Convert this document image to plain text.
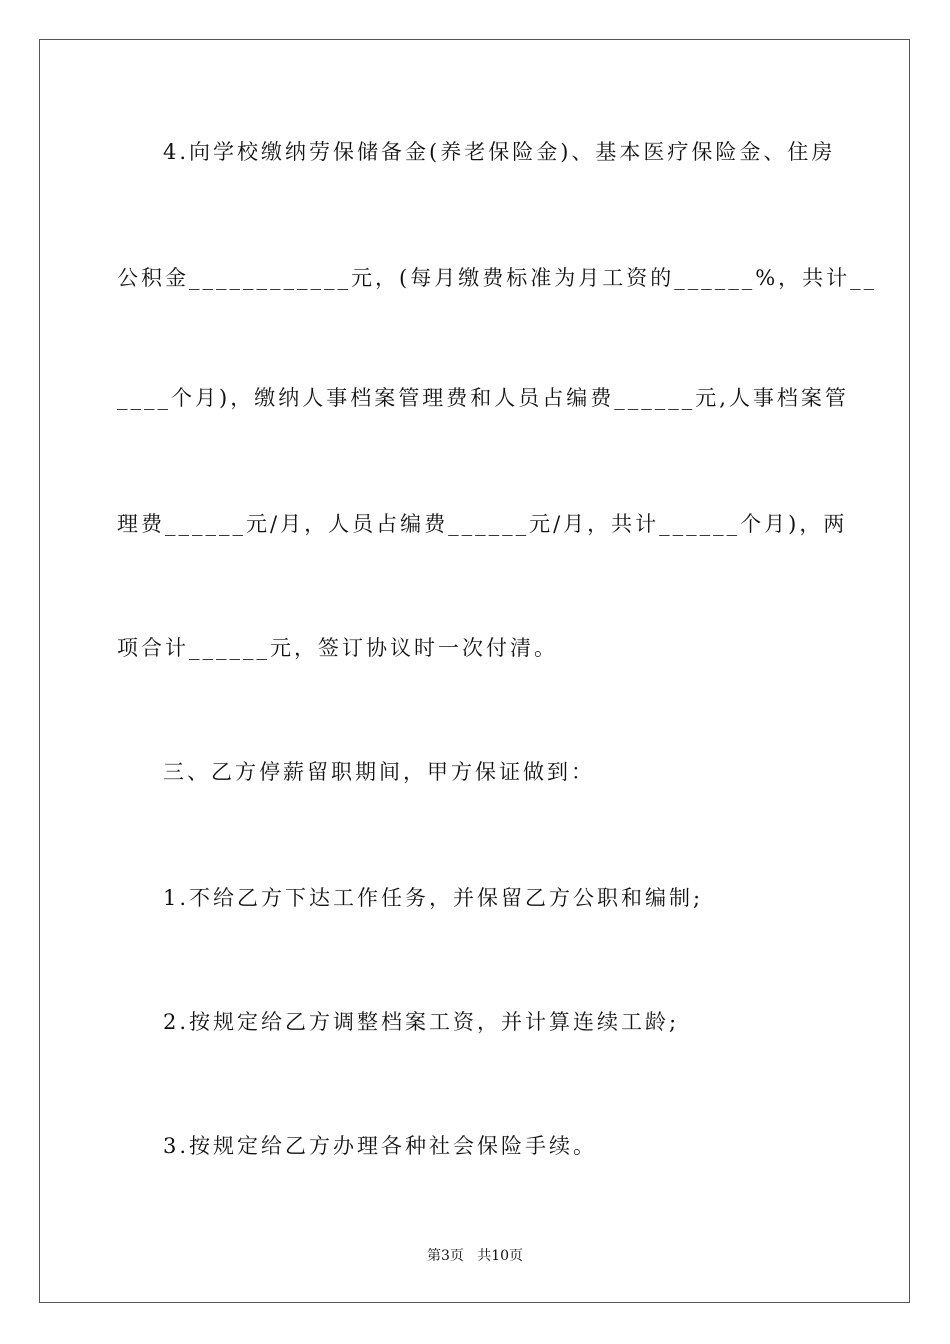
4.向学校缴纳劳保储备金(养老保险金)、基本医疗保险金、住房
公积金____________元，(每月缴费标准为月工资的______%，共计__
____个月)，缴纳人事档案管理费和人员占编费______元,人事档案管
理费______元/月，人员占编费______元/月，共计______个月)，两
项合计______元，签订协议时一次付清。
三、乙方停薪留职期间，甲方保证做到：
1.不给乙方下达工作任务，并保留乙方公职和编制;
2.按规定给乙方调整档案工资，并计算连续工龄;
3.按规定给乙方办理各种社会保险手续。
第3页   共10页
